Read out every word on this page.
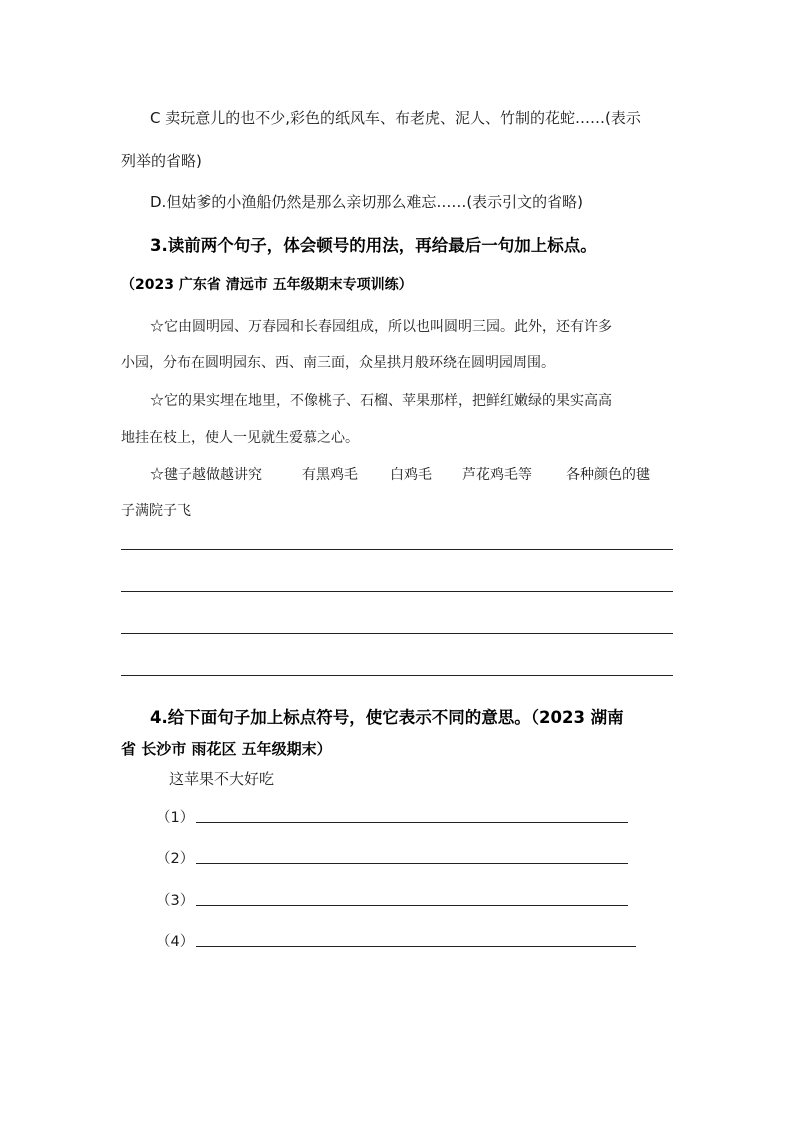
C 卖玩意儿的也不少,彩色的纸风车、布老虎、泥人、竹制的花蛇……(表示

列举的省略)

D.但姑爹的小渔船仍然是那么亲切那么难忘……(表示引文的省略)

3.读前两个句子，体会顿号的用法，再给最后一句加上标点。

（2023 广东省 清远市 五年级期末专项训练）

☆它由圆明园、万春园和长春园组成，所以也叫圆明三园。此外，还有许多

小园，分布在圆明园东、西、南三面，众星拱月般环绕在圆明园周围。

☆它的果实埋在地里，不像桃子、石榴、苹果那样，把鲜红嫩绿的果实高高

地挂在枝上，使人一见就生爱慕之心。

☆毽子越做越讲究	有黑鸡毛 白鸡毛 芦花鸡毛等 各种颜色的毽

子满院子飞

4.给下面句子加上标点符号，使它表示不同的意思。（2023 湖南

省 长沙市 雨花区 五年级期末）

这苹果不大好吃

（1）
（2）
（3）
（4）
